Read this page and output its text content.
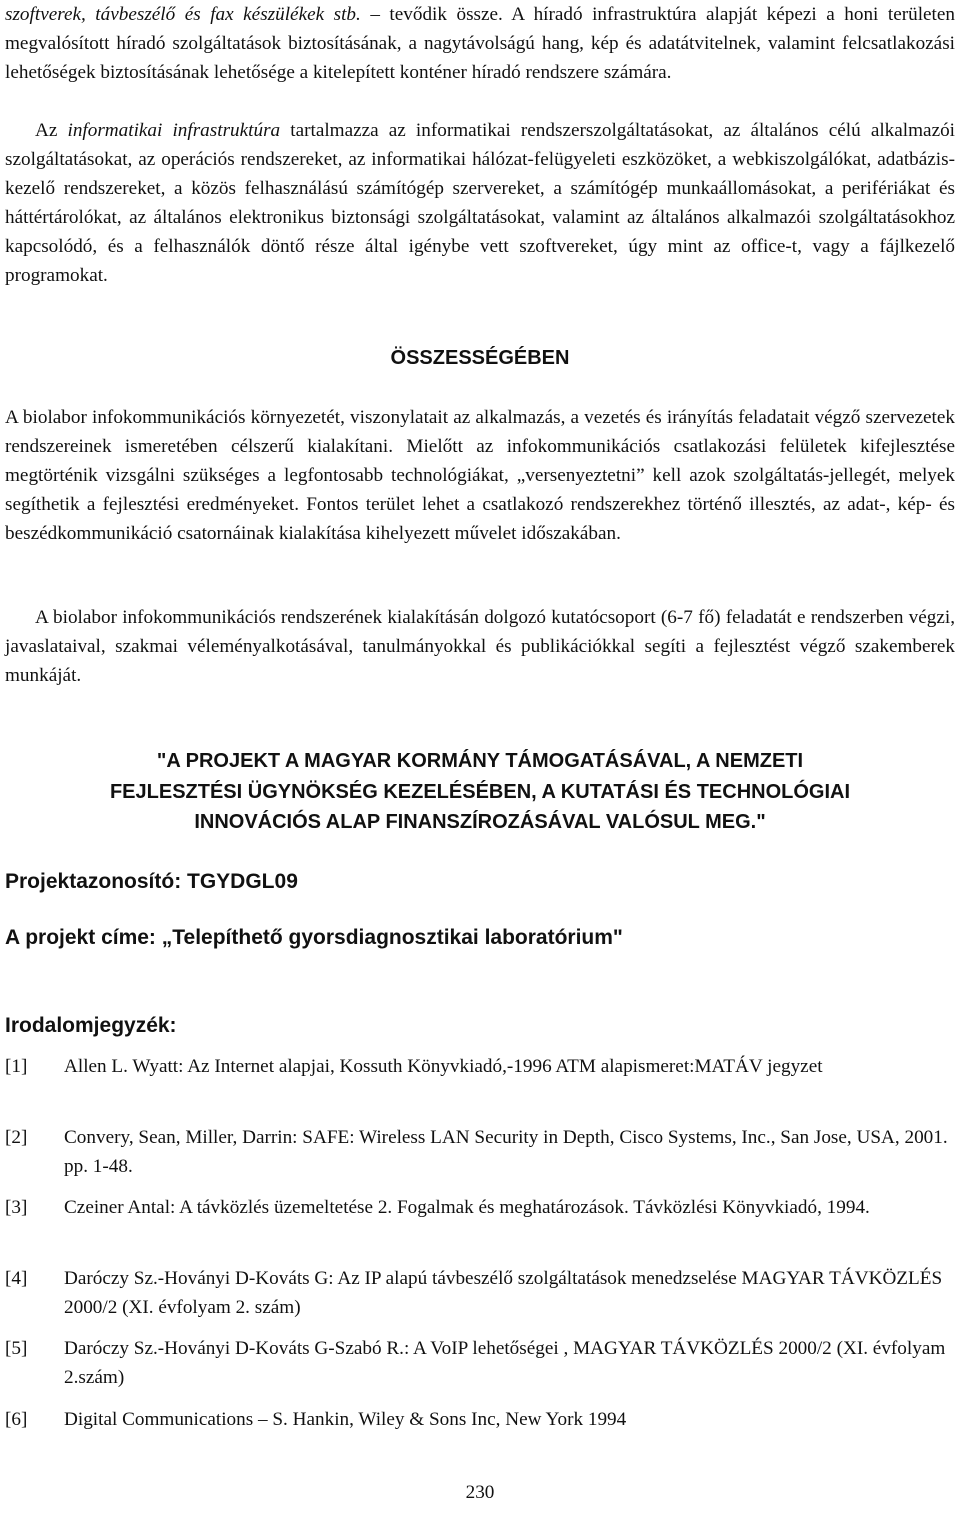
szoftverek, távbeszélő és fax készülékek stb. – tevődik össze. A híradó infrastruktúra alapját képezi a honi területen megvalósított híradó szolgáltatások biztosításának, a nagytávolságú hang, kép és adatátvitelnek, valamint felcsatlakozási lehetőségek biztosításának lehetősége a kitelepített konténer híradó rendszere számára.

Az informatikai infrastruktúra tartalmazza az informatikai rendszerszolgáltatásokat, az általános célú alkalmazói szolgáltatásokat, az operációs rendszereket, az informatikai hálózat-felügyeleti eszközöket, a webkiszolgálókat, adatbázis-kezelő rendszereket, a közös felhasználású számítógép szervereket, a számítógép munkaállomásokat, a perifériákat és háttértárolókat, az általános elektronikus biztonsági szolgáltatásokat, valamint az általános alkalmazói szolgáltatásokhoz kapcsolódó, és a felhasználók döntő része által igénybe vett szoftvereket, úgy mint az office-t, vagy a fájlkezelő programokat.

ÖSSZESSÉGÉBEN

A biolabor infokommunikációs környezetét, viszonylatait az alkalmazás, a vezetés és irányítás feladatait végző szervezetek rendszereinek ismeretében célszerű kialakítani. Mielőtt az infokommunikációs csatlakozási felületek kifejlesztése megtörténik vizsgálni szükséges a legfontosabb technológiákat, „versenyeztetni” kell azok szolgáltatás-jellegét, melyek segíthetik a fejlesztési eredményeket. Fontos terület lehet a csatlakozó rendszerekhez történő illesztés, az adat-, kép- és beszédkommunikáció csatornáinak kialakítása kihelyezett művelet időszakában.

A biolabor infokommunikációs rendszerének kialakításán dolgozó kutatócsoport (6-7 fő) feladatát e rendszerben végzi, javaslataival, szakmai véleményalkotásával, tanulmányokkal és publikációkkal segíti a fejlesztést végző szakemberek munkáját.

"A PROJEKT A MAGYAR KORMÁNY TÁMOGATÁSÁVAL, A NEMZETI

FEJLESZTÉSI ÜGYNÖKSÉG KEZELÉSÉBEN, A KUTATÁSI ÉS TECHNOLÓGIAI

INNOVÁCIÓS ALAP FINANSZÍROZÁSÁVAL VALÓSUL MEG."

Projektazonosító: TGYDGL09

A projekt címe: „Telepíthető gyorsdiagnosztikai laboratórium"

Irodalomjegyzék:

[1]	Allen L. Wyatt: Az Internet alapjai, Kossuth Könyvkiadó,-1996 ATM alapismeret:MATÁV jegyzet
[2]	Convery, Sean, Miller, Darrin: SAFE: Wireless LAN Security in Depth, Cisco Systems, Inc., San Jose, USA, 2001. pp. 1-48.
[3]	Czeiner Antal: A távközlés üzemeltetése 2. Fogalmak és meghatározások. Távközlési Könyvkiadó, 1994.
[4]	Daróczy Sz.-Hoványi D-Kováts G: Az IP alapú távbeszélő szolgáltatások menedzselése MAGYAR TÁVKÖZLÉS 2000/2 (XI. évfolyam 2. szám)
[5]	Daróczy Sz.-Hoványi D-Kováts G-Szabó R.: A VoIP lehetőségei , MAGYAR TÁVKÖZLÉS 2000/2 (XI. évfolyam 2.szám)
[6]	Digital Communications – S. Hankin, Wiley & Sons Inc, New York 1994
230
